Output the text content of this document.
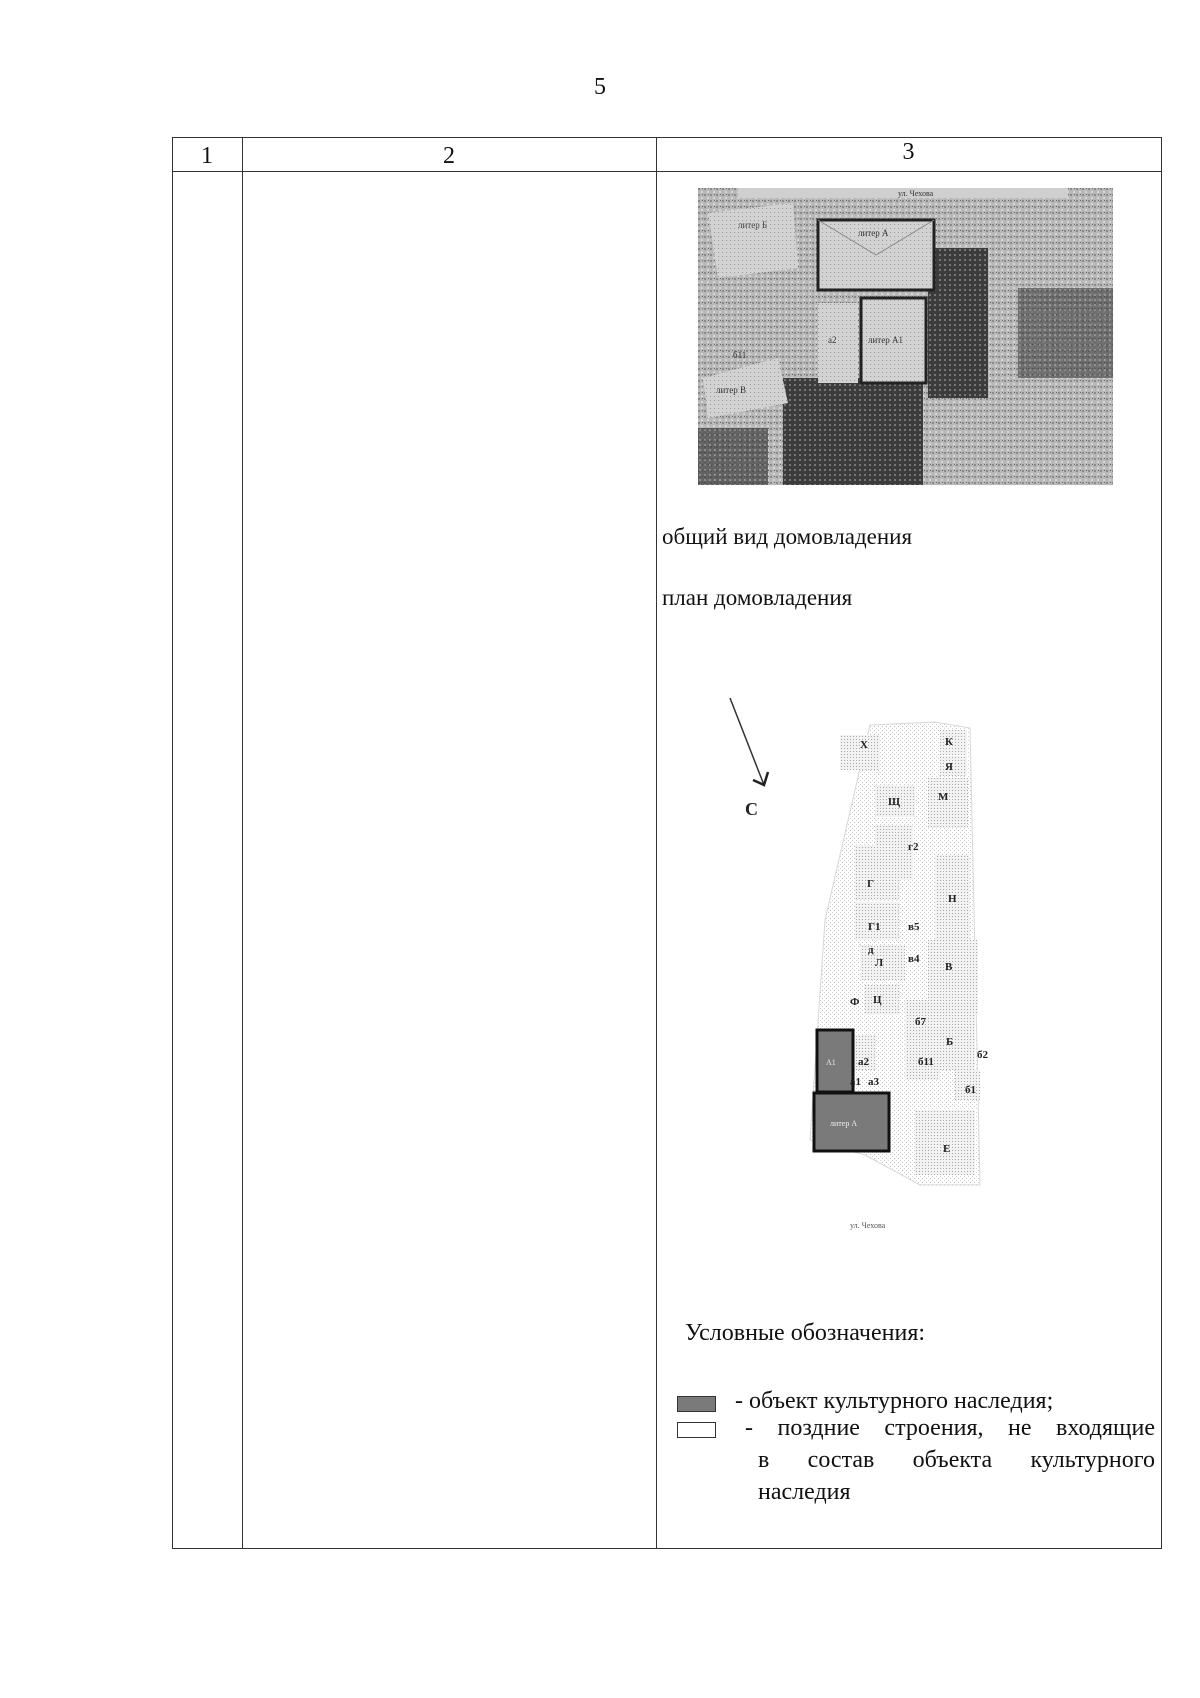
5
1	2	3
литер Б
литер А
литер В
б11
а2	литер А1
ул. Чехова
общий вид домовладения
план домовладения
С
Х	К
Я
Щ	М
г2
Г
Н
Г1	в5
д
Л в4
В
Ф Ц
б7
Б
б2
а2	б11
а1 а3
б1
Е
А1
литер А
ул. Чехова
Условные обозначения:
- объект культурного наследия;
- поздние строения, не входящие
в состав объекта культурного
наследия
